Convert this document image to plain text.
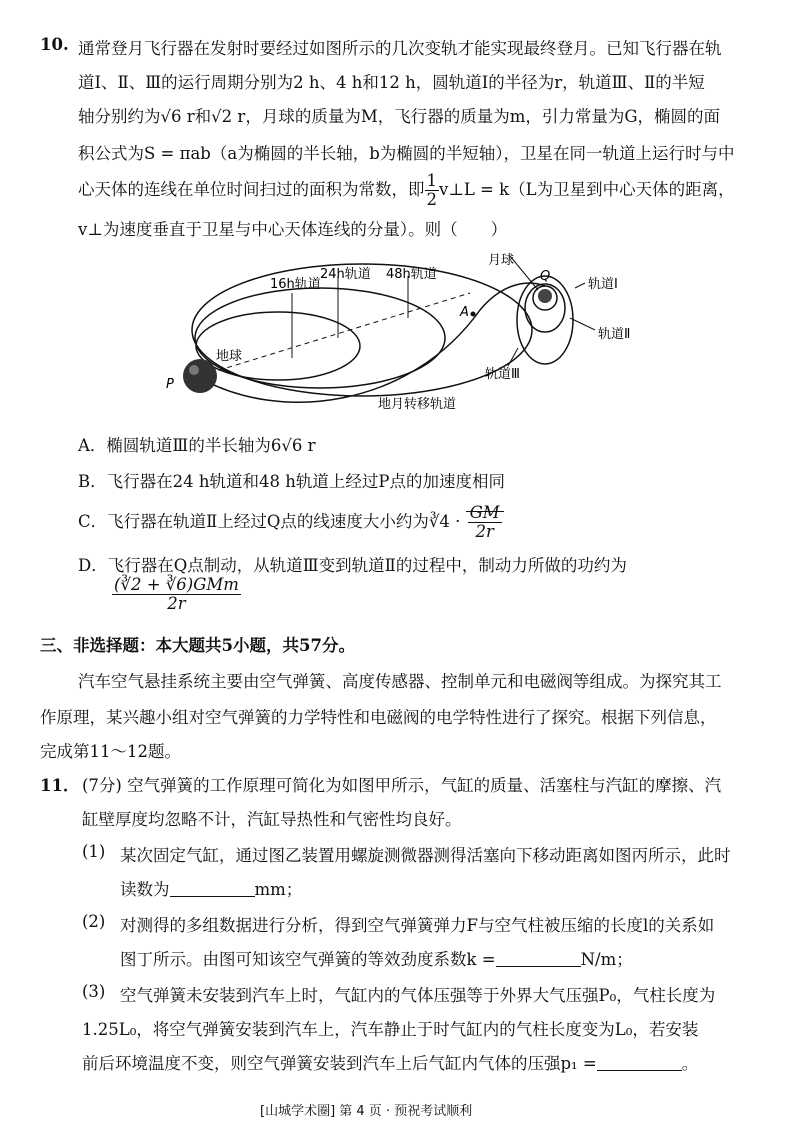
10. 通常登月飞行器在发射时要经过如图所示的几次变轨才能实现最终登月。已知飞行器在轨
道Ⅰ、Ⅱ、Ⅲ的运行周期分别为2 h、4 h和12 h，圆轨道Ⅰ的半径为r，轨道Ⅲ、Ⅱ的半短
轴分别约为√6 r和√2 r，月球的质量为M，飞行器的质量为m，引力常量为G，椭圆的面
积公式为S = πab（a为椭圆的半长轴，b为椭圆的半短轴），卫星在同一轨道上运行时与中
心天体的连线在单位时间扫过的面积为常数，即 $\frac{1}{2}$ v⊥L = k（L为卫星到中心天体的距离，
v⊥为速度垂直于卫星与中心天体连线的分量）。则（　　）
月球
Q
轨道Ⅰ
轨道Ⅱ
轨道Ⅲ
A
P
地球
16h轨道
24h轨道 48h轨道
地月转移轨道
A．椭圆轨道Ⅲ的半长轴为6√6 r
B．飞行器在24 h轨道和48 h轨道上经过P点的加速度相同
C．飞行器在轨道Ⅱ上经过Q点的线速度大小约为∛4 · $\frac{GM}{2r}$
D．飞行器在Q点制动，从轨道Ⅲ变到轨道Ⅱ的过程中，制动力所做的功约为
$\frac{\text{(∛2 + ∛6)GMm}}{2r}$
三、非选择题：本大题共5小题，共57分。
汽车空气悬挂系统主要由空气弹簧、高度传感器、控制单元和电磁阀等组成。为探究其工
作原理，某兴趣小组对空气弹簧的力学特性和电磁阀的电学特性进行了探究。根据下列信息，
完成第11～12题。
11． (7分) 空气弹簧的工作原理可简化为如图甲所示，气缸的质量、活塞柱与汽缸的摩擦、汽
缸壁厚度均忽略不计，汽缸导热性和气密性均良好。
(1) 某次固定气缸，通过图乙装置用螺旋测微器测得活塞向下移动距离如图丙所示，此时
读数为	mm；
(2) 对测得的多组数据进行分析，得到空气弹簧弹力F与空气柱被压缩的长度l的关系如
图丁所示。由图可知该空气弹簧的等效劲度系数k =	N/m；
(3) 空气弹簧未安装到汽车上时，气缸内的气体压强等于外界大气压强P₀，气柱长度为
1.25L₀，将空气弹簧安装到汽车上，汽车静止于时气缸内的气柱长度变为L₀，若安装
前后环境温度不变，则空气弹簧安装到汽车上后气缸内气体的压强p₁ =	。
[山城学术圈] 第 4 页 · 预祝考试顺利
